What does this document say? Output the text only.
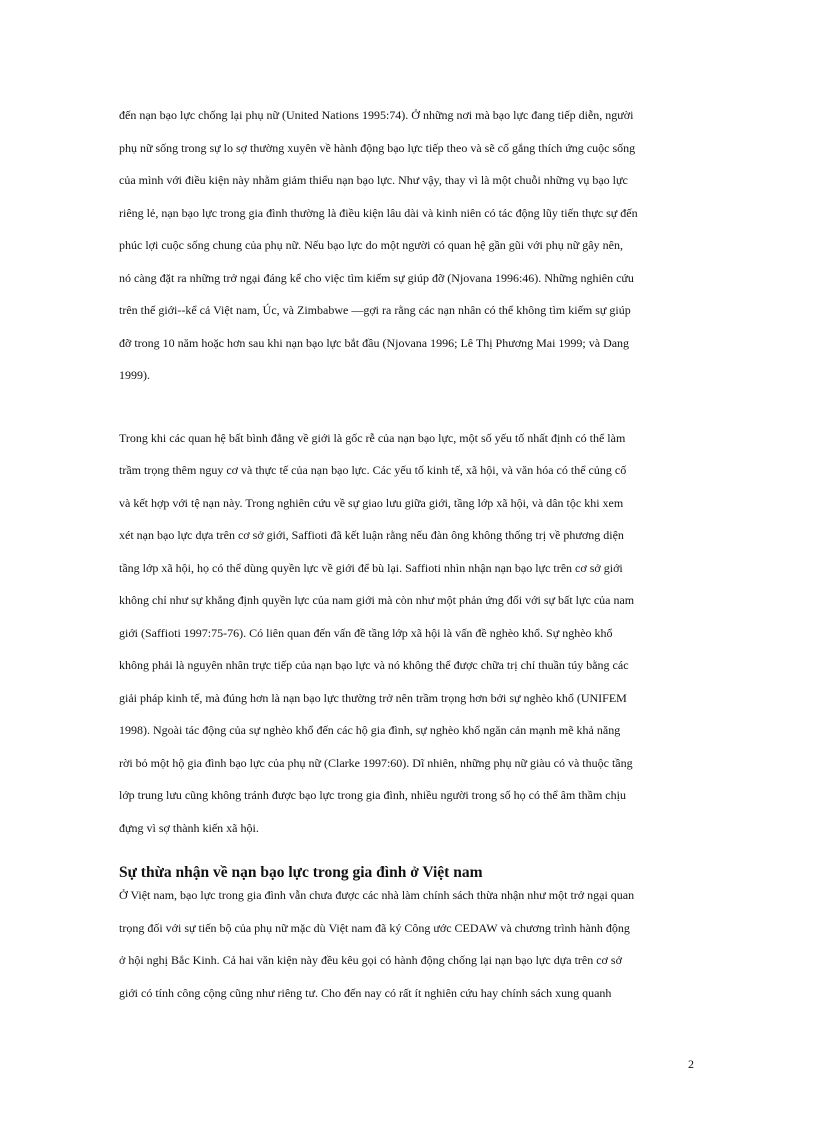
đến nạn bạo lực chống lại phụ nữ (United Nations 1995:74). Ở những nơi mà bạo lực đang tiếp diễn, người
phụ nữ sống trong sự lo sợ thường xuyên về hành động bạo lực tiếp theo và sẽ cố gắng thích ứng cuộc sống
của mình với điều kiện này nhằm giảm thiểu nạn bạo lực. Như vậy, thay vì là một chuỗi những vụ bạo lực
riêng lẻ, nạn bạo lực trong gia đình thường là điều kiện lâu dài và kinh niên có tác động lũy tiến thực sự đến
phúc lợi cuộc sống chung của phụ nữ. Nếu bạo lực do một người có quan hệ gần gũi với phụ nữ gây nên,
nó càng đặt ra những trở ngại đáng kể cho việc tìm kiếm sự giúp đỡ (Njovana 1996:46). Những nghiên cứu
trên thế giới--kể cả Việt nam, Úc, và Zimbabwe —gợi ra rằng các nạn nhân có thể không tìm kiếm sự giúp
đỡ trong 10 năm hoặc hơn sau khi nạn bạo lực bắt đầu (Njovana 1996; Lê Thị Phương Mai 1999; và Dang
1999).
Trong khi các quan hệ bất bình đẳng về giới là gốc rễ của nạn bạo lực, một số yếu tố nhất định có thể làm
trầm trọng thêm nguy cơ và thực tế của nạn bạo lực. Các yếu tố kinh tế, xã hội, và văn hóa có thể củng cố
và kết hợp với tệ nạn này. Trong nghiên cứu về sự giao lưu giữa giới, tầng lớp xã hội, và dân tộc khi xem
xét nạn bạo lực dựa trên cơ sở giới, Saffioti đã kết luận rằng nếu đàn ông không thống trị về phương diện
tầng lớp xã hội, họ có thể dùng quyền lực về giới để bù lại. Saffioti nhìn nhận nạn bạo lực trên cơ sở giới
không chỉ như sự khẳng định quyền lực của nam giới mà còn như một phản ứng đối với sự bất lực của nam
giới (Saffioti 1997:75-76). Có liên quan đến vấn đề tầng lớp xã hội là vấn đề nghèo khổ. Sự nghèo khổ
không phải là nguyên nhân trực tiếp của nạn bạo lực và nó không thể được chữa trị chỉ thuần túy bằng các
giải pháp kinh tế, mà đúng hơn là nạn bạo lực thường trở nên trầm trọng hơn bởi sự nghèo khổ (UNIFEM
1998). Ngoài tác động của sự nghèo khổ đến các hộ gia đình, sự nghèo khổ ngăn cản mạnh mẽ khả năng
rời bỏ một hộ gia đình bạo lực của phụ nữ (Clarke 1997:60). Dĩ nhiên, những phụ nữ giàu có và thuộc tầng
lớp trung lưu cũng không tránh được bạo lực trong gia đình, nhiều người trong số họ có thể âm thầm chịu
đựng vì sợ thành kiến xã hội.
Sự thừa nhận về nạn bạo lực trong gia đình ở Việt nam
Ở Việt nam, bạo lực trong gia đình vẫn chưa được các nhà làm chính sách thừa nhận như một trở ngại quan
trọng đối với sự tiến bộ của phụ nữ mặc dù Việt nam đã ký Công ước CEDAW và chương trình hành động
ở hội nghị Bắc Kinh. Cả hai văn kiện này đều kêu gọi có hành động chống lại nạn bạo lực dựa trên cơ sở
giới có tính công cộng cũng như riêng tư. Cho đến nay có rất ít nghiên cứu hay chính sách xung quanh
2
